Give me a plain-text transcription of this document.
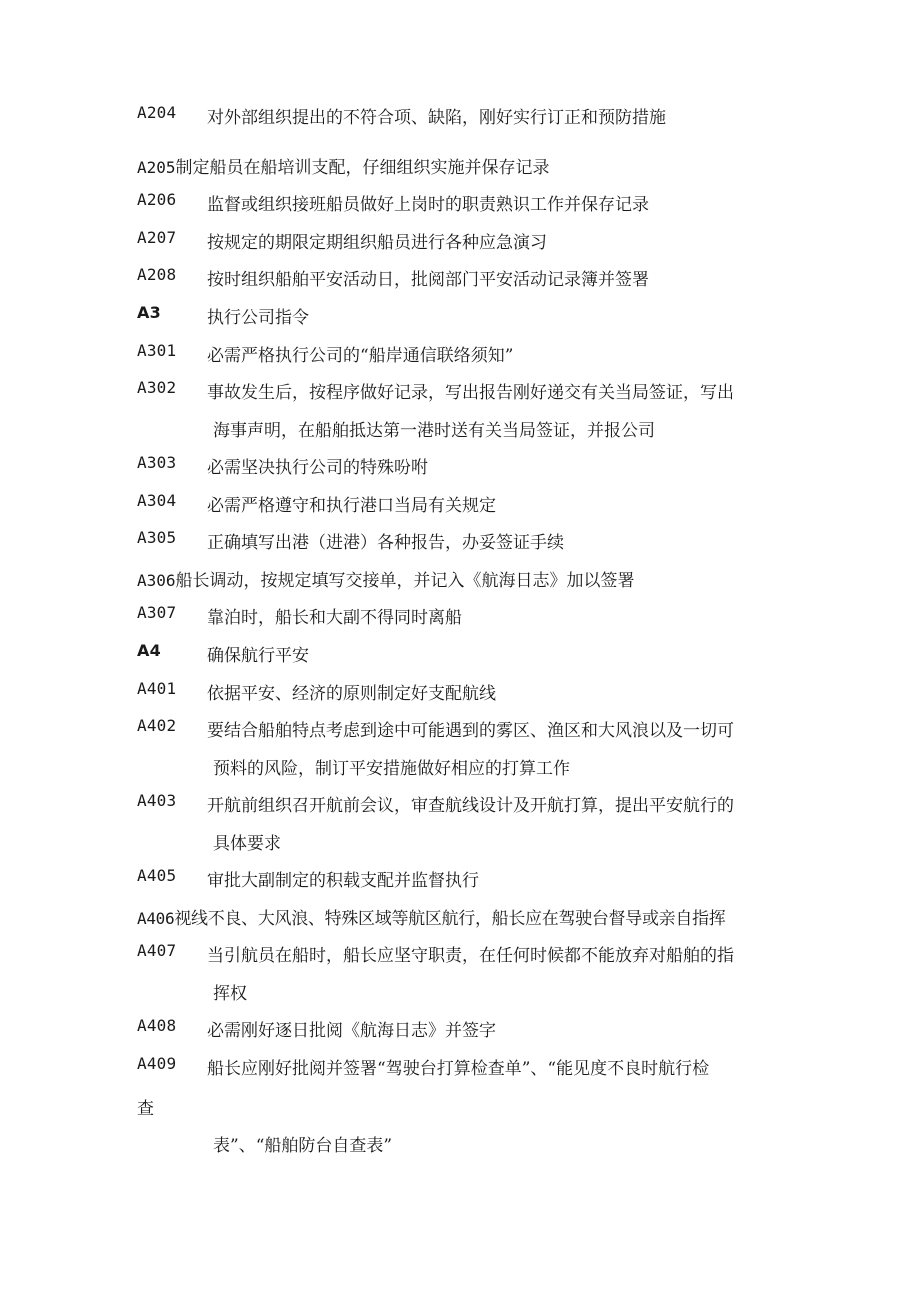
A204 对外部组织提出的不符合项、缺陷，刚好实行订正和预防措施
A205制定船员在船培训支配，仔细组织实施并保存记录
A206 监督或组织接班船员做好上岗时的职责熟识工作并保存记录
A207 按规定的期限定期组织船员进行各种应急演习
A208 按时组织船舶平安活动日，批阅部门平安活动记录簿并签署
A3	执行公司指令
A301 必需严格执行公司的“船岸通信联络须知”
A302 事故发生后，按程序做好记录，写出报告刚好递交有关当局签证，写出
海事声明，在船舶抵达第一港时送有关当局签证，并报公司
A303 必需坚决执行公司的特殊吩咐
A304 必需严格遵守和执行港口当局有关规定
A305 正确填写出港（进港）各种报告，办妥签证手续
A306船长调动，按规定填写交接单，并记入《航海日志》加以签署
A307 靠泊时，船长和大副不得同时离船
A4	确保航行平安
A401 依据平安、经济的原则制定好支配航线
A402 要结合船舶特点考虑到途中可能遇到的雾区、渔区和大风浪以及一切可
预料的风险，制订平安措施做好相应的打算工作
A403 开航前组织召开航前会议，审查航线设计及开航打算，提出平安航行的
具体要求
A405 审批大副制定的积载支配并监督执行
A406视线不良、大风浪、特殊区域等航区航行，船长应在驾驶台督导或亲自指挥
A407 当引航员在船时，船长应坚守职责，在任何时候都不能放弃对船舶的指
挥权
A408 必需刚好逐日批阅《航海日志》并签字
A409 船长应刚好批阅并签署“驾驶台打算检查单”、“能见度不良时航行检
查
表”、“船舶防台自查表”
